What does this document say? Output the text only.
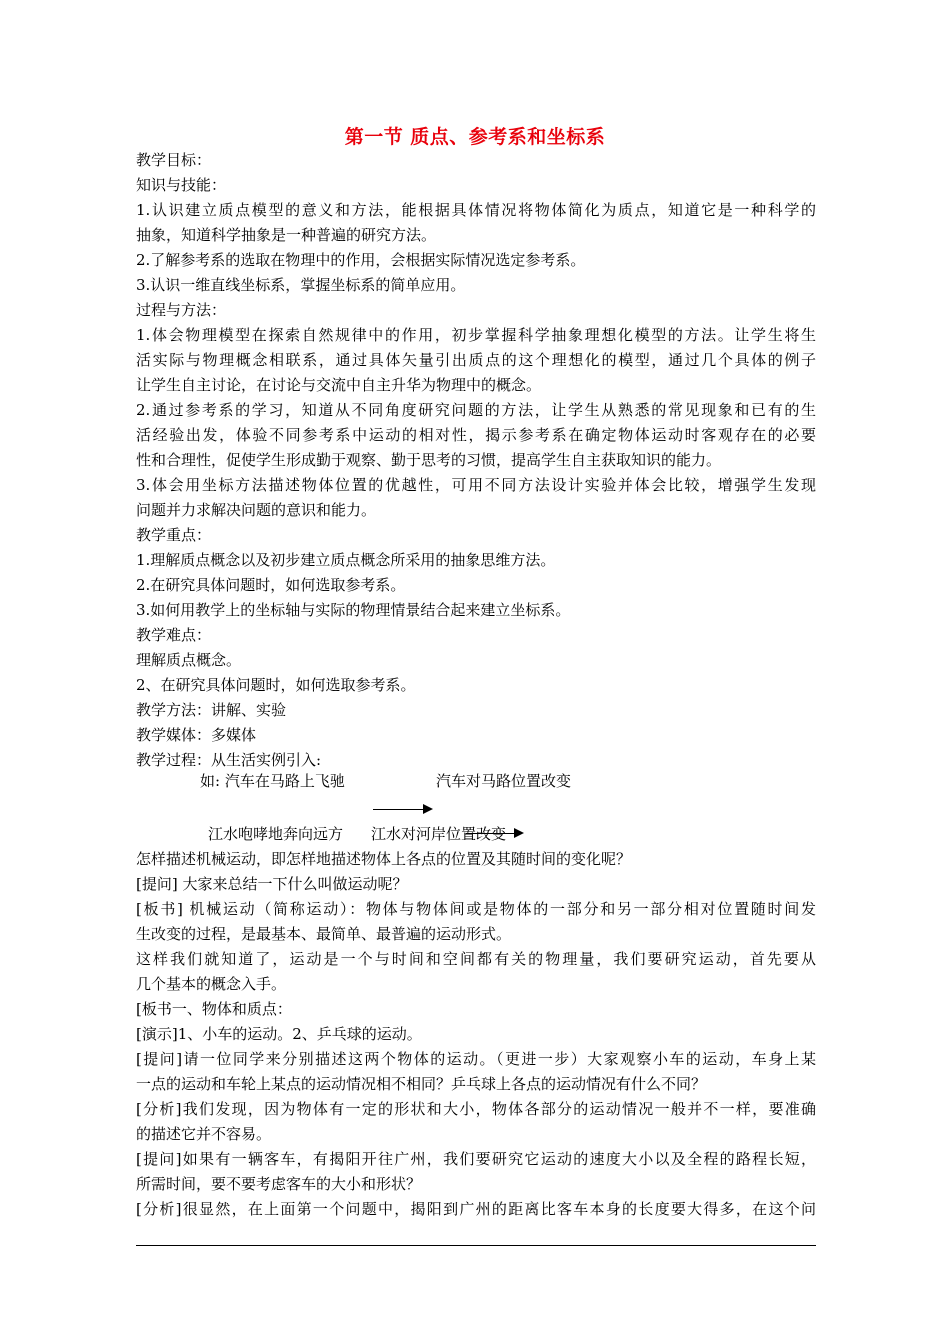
第一节 质点、参考系和坐标系
教学目标：
知识与技能：
1.认识建立质点模型的意义和方法，能根据具体情况将物体简化为质点，知道它是一种科学的
抽象，知道科学抽象是一种普遍的研究方法。
2.了解参考系的选取在物理中的作用，会根据实际情况选定参考系。
3.认识一维直线坐标系，掌握坐标系的简单应用。
过程与方法：
1.体会物理模型在探索自然规律中的作用，初步掌握科学抽象理想化模型的方法。让学生将生
活实际与物理概念相联系，通过具体矢量引出质点的这个理想化的模型，通过几个具体的例子
让学生自主讨论，在讨论与交流中自主升华为物理中的概念。
2.通过参考系的学习，知道从不同角度研究问题的方法，让学生从熟悉的常见现象和已有的生
活经验出发，体验不同参考系中运动的相对性，揭示参考系在确定物体运动时客观存在的必要
性和合理性，促使学生形成勤于观察、勤于思考的习惯，提高学生自主获取知识的能力。
3.体会用坐标方法描述物体位置的优越性，可用不同方法设计实验并体会比较，增强学生发现
问题并力求解决问题的意识和能力。
教学重点：
1.理解质点概念以及初步建立质点概念所采用的抽象思维方法。
2.在研究具体问题时，如何选取参考系。
3.如何用教学上的坐标轴与实际的物理情景结合起来建立坐标系。
教学难点：
理解质点概念。
2、在研究具体问题时，如何选取参考系。
教学方法：讲解、实验
教学媒体：多媒体
教学过程：从生活实例引入:
怎样描述机械运动，即怎样地描述物体上各点的位置及其随时间的变化呢？
[提问] 大家来总结一下什么叫做运动呢？
[板书] 机械运动（简称运动）：物体与物体间或是物体的一部分和另一部分相对位置随时间发
生改变的过程，是最基本、最简单、最普遍的运动形式。
这样我们就知道了，运动是一个与时间和空间都有关的物理量，我们要研究运动，首先要从
几个基本的概念入手。
[板书一、物体和质点：
[演示]1、小车的运动。2、乒乓球的运动。
[提问]请一位同学来分别描述这两个物体的运动。（更进一步）大家观察小车的运动，车身上某
一点的运动和车轮上某点的运动情况相不相同？乒乓球上各点的运动情况有什么不同？
[分析]我们发现，因为物体有一定的形状和大小，物体各部分的运动情况一般并不一样，要准确
的描述它并不容易。
[提问]如果有一辆客车，有揭阳开往广州，我们要研究它运动的速度大小以及全程的路程长短，
所需时间，要不要考虑客车的大小和形状？
[分析]很显然，在上面第一个问题中，揭阳到广州的距离比客车本身的长度要大得多，在这个问
如: 汽车在马路上飞驰	汽车对马路位置改变
江水咆哮地奔向远方 江水对河岸位置改变
